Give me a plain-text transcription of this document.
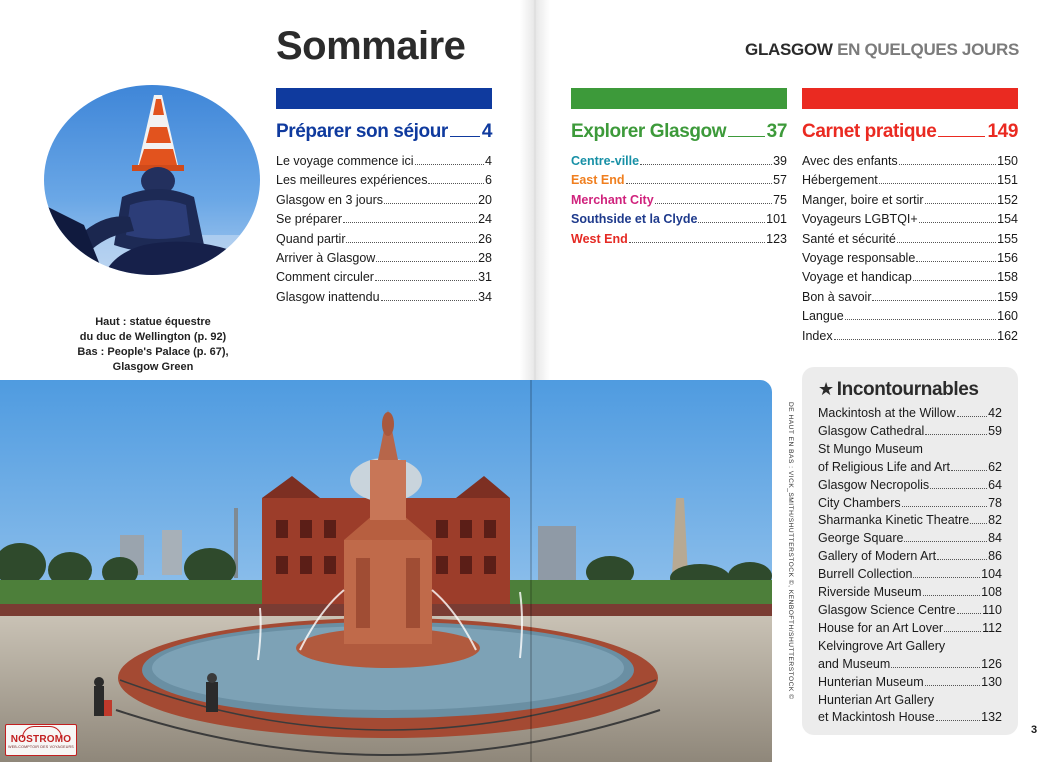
Sommaire	GLASGOW EN QUELQUES JOURS
Haut : statue équestre
du duc de Wellington (p. 92)
Bas : People's Palace (p. 67),
Glasgow Green
Préparer son séjour 4
Le voyage commence ici	4
Les meilleures expériences	6
Glasgow en 3 jours	20
Se préparer	24
Quand partir	26
Arriver à Glasgow	28
Comment circuler	31
Glasgow inattendu	34
Explorer Glasgow 37
Centre-ville	39
East End	57
Merchant City	75
Southside et la Clyde	101
West End	123
Carnet pratique	149
Avec des enfants	150
Hébergement	151
Manger, boire et sortir	152
Voyageurs LGBTQI+	154
Santé et sécurité	155
Voyage responsable	156
Voyage et handicap	158
Bon à savoir	159
Langue	160
Index	162
DE HAUT EN BAS : VICK_SMITH/SHUTTERSTOCK ©, KENBOFTH/SHUTTERSTOCK ©
★ Incontournables
Mackintosh at the Willow	42
Glasgow Cathedral	59
St Mungo Museum
of Religious Life and Art	62
Glasgow Necropolis	64
City Chambers	78
Sharmanka Kinetic Theatre 82
George Square	84
Gallery of Modern Art	86
Burrell Collection	104
Riverside Museum	108
Glasgow Science Centre 110
House for an Art Lover	112
Kelvingrove Art Gallery
and Museum	126
Hunterian Museum	130
Hunterian Art Gallery
et Mackintosh House	132
3
NOSTROMO
WEB-COMPTOIR DES VOYAGEURS
